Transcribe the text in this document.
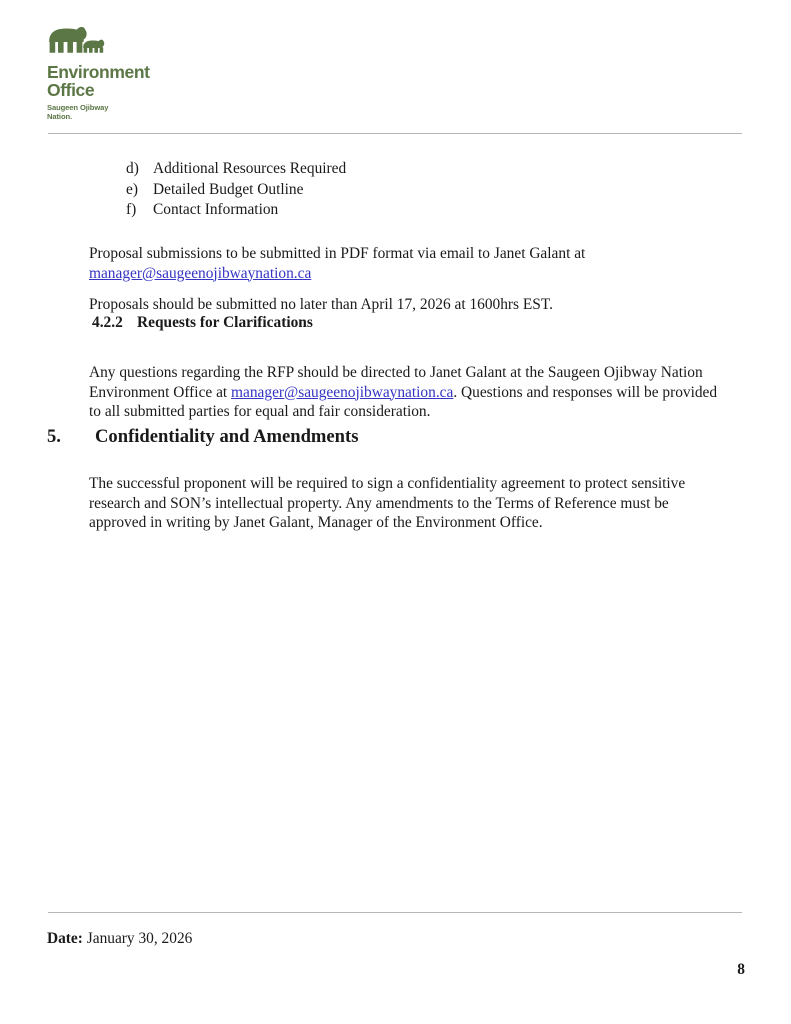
Environment
Office
Saugeen Ojibway
Nation.
d) Additional Resources Required
e) Detailed Budget Outline
f)	Contact Information

Proposal submissions to be submitted in PDF format via email to Janet Galant at manager@saugeenojibwaynation.ca

Proposals should be submitted no later than April 17, 2026 at 1600hrs EST.

4.2.2 Requests for Clarifications

Any questions regarding the RFP should be directed to Janet Galant at the Saugeen Ojibway Nation Environment Office at manager@saugeenojibwaynation.ca. Questions and responses will be provided to all submitted parties for equal and fair consideration.

5.	Confidentiality and Amendments

The successful proponent will be required to sign a confidentiality agreement to protect sensitive research and SON’s intellectual property. Any amendments to the Terms of Reference must be approved in writing by Janet Galant, Manager of the Environment Office.

Date: January 30, 2026
8
